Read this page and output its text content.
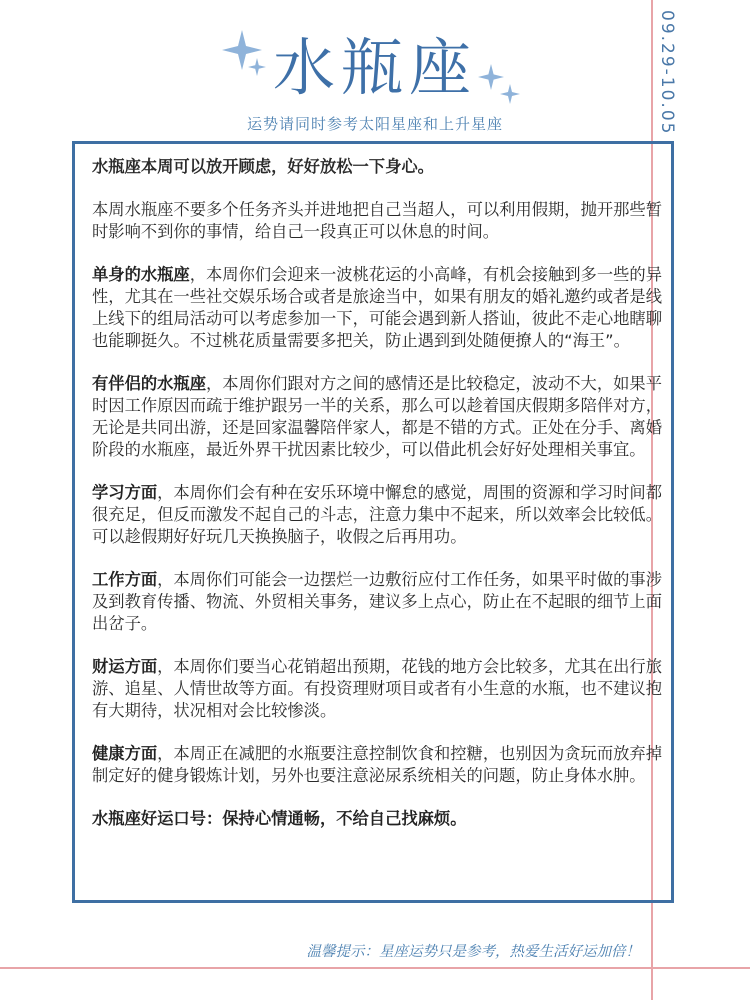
09.29-10.05
水瓶座
运势请同时参考太阳星座和上升星座

水瓶座本周可以放开顾虑，好好放松一下身心。

本周水瓶座不要多个任务齐头并进地把自己当超人，可以利用假期，抛开那些暂时影响不到你的事情，给自己一段真正可以休息的时间。

单身的水瓶座，本周你们会迎来一波桃花运的小高峰，有机会接触到多一些的异性，尤其在一些社交娱乐场合或者是旅途当中，如果有朋友的婚礼邀约或者是线上线下的组局活动可以考虑参加一下，可能会遇到新人搭讪，彼此不走心地瞎聊也能聊挺久。不过桃花质量需要多把关，防止遇到到处随便撩人的“海王”。

有伴侣的水瓶座，本周你们跟对方之间的感情还是比较稳定，波动不大，如果平时因工作原因而疏于维护跟另一半的关系，那么可以趁着国庆假期多陪伴对方，无论是共同出游，还是回家温馨陪伴家人，都是不错的方式。正处在分手、离婚阶段的水瓶座，最近外界干扰因素比较少，可以借此机会好好处理相关事宜。

学习方面，本周你们会有种在安乐环境中懈怠的感觉，周围的资源和学习时间都很充足，但反而激发不起自己的斗志，注意力集中不起来，所以效率会比较低。可以趁假期好好玩几天换换脑子，收假之后再用功。

工作方面，本周你们可能会一边摆烂一边敷衍应付工作任务，如果平时做的事涉及到教育传播、物流、外贸相关事务，建议多上点心，防止在不起眼的细节上面出岔子。

财运方面，本周你们要当心花销超出预期，花钱的地方会比较多，尤其在出行旅游、追星、人情世故等方面。有投资理财项目或者有小生意的水瓶，也不建议抱有大期待，状况相对会比较惨淡。

健康方面，本周正在减肥的水瓶要注意控制饮食和控糖，也别因为贪玩而放弃掉制定好的健身锻炼计划，另外也要注意泌尿系统相关的问题，防止身体水肿。

水瓶座好运口号：保持心情通畅，不给自己找麻烦。

温馨提示：星座运势只是参考，热爱生活好运加倍！
